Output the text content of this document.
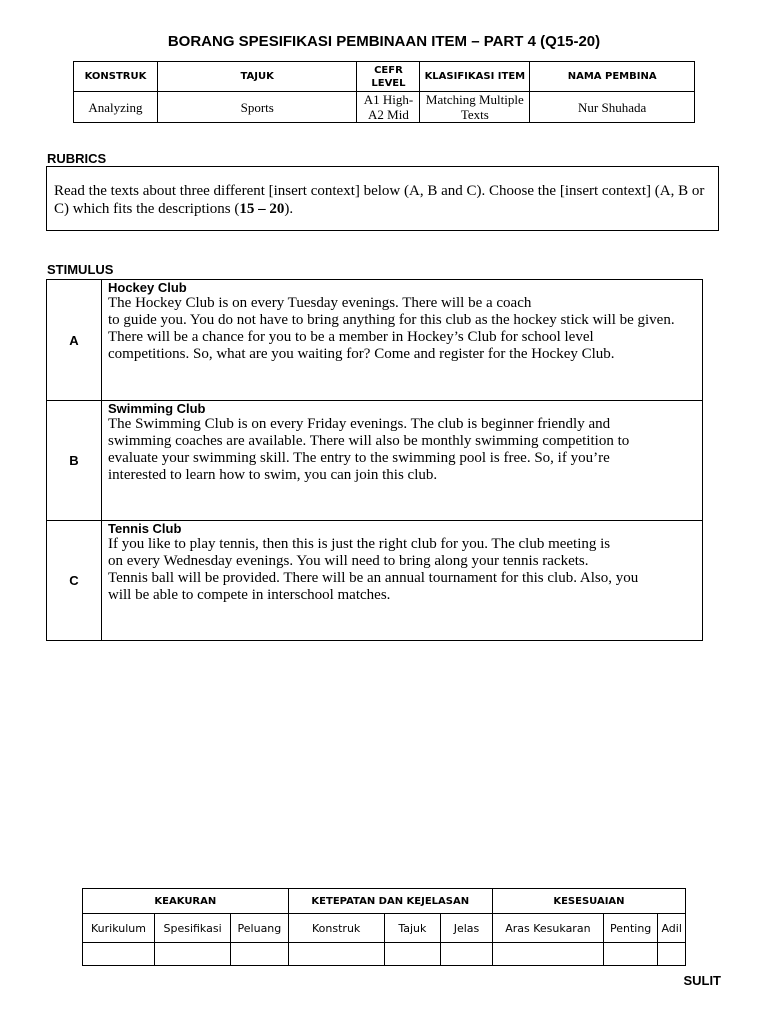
BORANG SPESIFIKASI PEMBINAAN ITEM – PART 4 (Q15-20)
KONSTRUK	TAJUK	CEFR LEVEL	KLASIFIKASI ITEM	NAMA PEMBINA
Analyzing	Sports	A1 High-A2 Mid	Matching Multiple Texts	Nur Shuhada
RUBRICS
Read the texts about three different [insert context] below (A, B and C). Choose the [insert context] (A, B or C) which fits the descriptions (15 – 20).
STIMULUS
A	Hockey Club
The Hockey Club is on every Tuesday evenings. There will be a coach
to guide you. You do not have to bring anything for this club as the hockey stick will be given.
There will be a chance for you to be a member in Hockey’s Club for school level
competitions. So, what are you waiting for? Come and register for the Hockey Club.

B	Swimming Club
The Swimming Club is on every Friday evenings. The club is beginner friendly and
swimming coaches are available. There will also be monthly swimming competition to
evaluate your swimming skill. The entry to the swimming pool is free. So, if you’re
interested to learn how to swim, you can join this club.

C	Tennis Club
If you like to play tennis, then this is just the right club for you. The club meeting is
on every Wednesday evenings. You will need to bring along your tennis rackets.
Tennis ball will be provided. There will be an annual tournament for this club. Also, you
will be able to compete in interschool matches.
KEAKURAN			KETEPATAN DAN KEJELASAN			KESESUAIAN		
Kurikulum	Spesifikasi	Peluang	Konstruk	Tajuk	Jelas	Aras Kesukaran	Penting	Adil

SULIT
